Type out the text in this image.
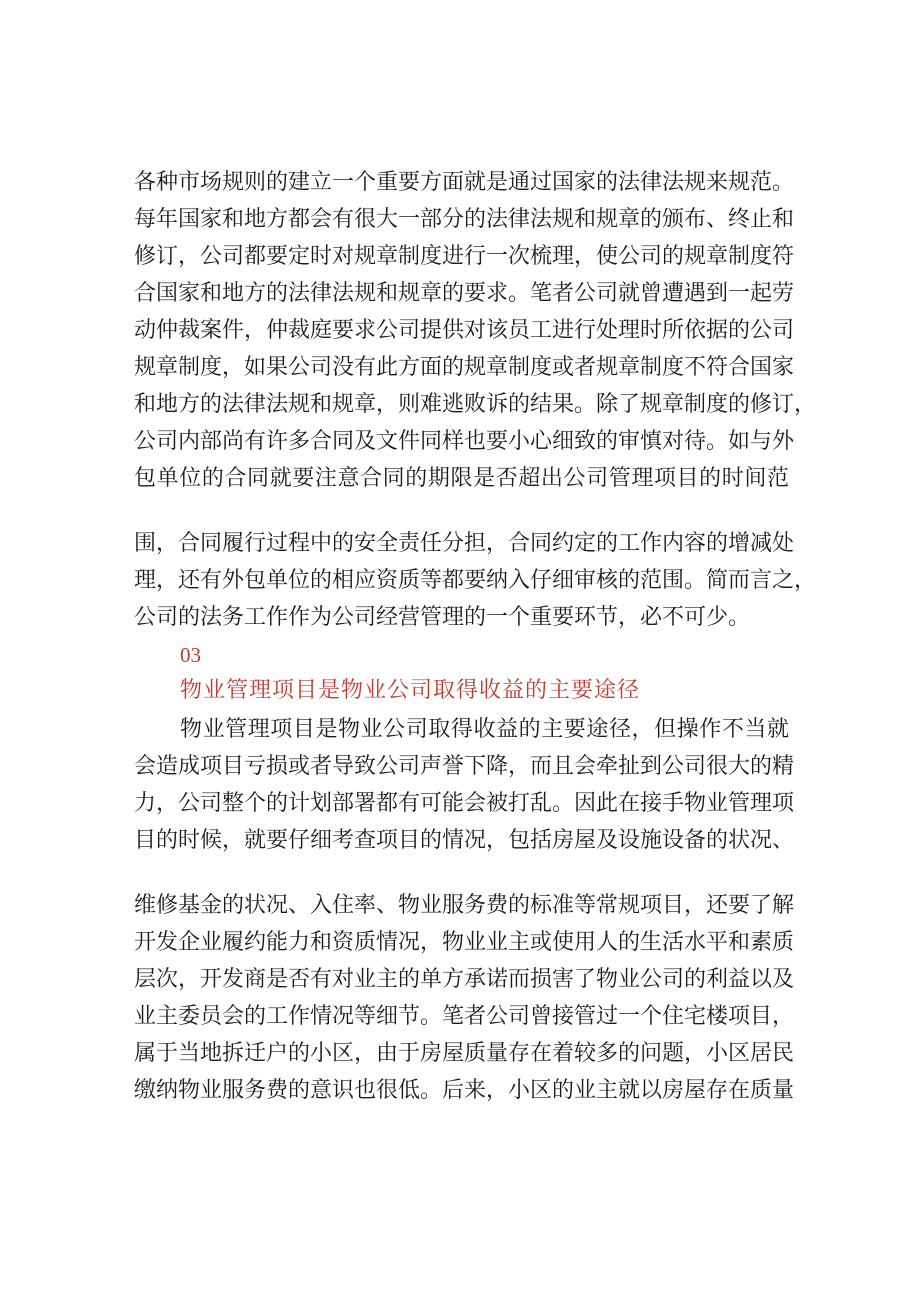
各种市场规则的建立一个重要方面就是通过国家的法律法规来规范。
每年国家和地方都会有很大一部分的法律法规和规章的颁布、终止和
修订，公司都要定时对规章制度进行一次梳理，使公司的规章制度符
合国家和地方的法律法规和规章的要求。笔者公司就曾遭遇到一起劳
动仲裁案件，仲裁庭要求公司提供对该员工进行处理时所依据的公司
规章制度，如果公司没有此方面的规章制度或者规章制度不符合国家
和地方的法律法规和规章，则难逃败诉的结果。除了规章制度的修订，
公司内部尚有许多合同及文件同样也要小心细致的审慎对待。如与外
包单位的合同就要注意合同的期限是否超出公司管理项目的时间范
围，合同履行过程中的安全责任分担，合同约定的工作内容的增减处
理，还有外包单位的相应资质等都要纳入仔细审核的范围。简而言之，
公司的法务工作作为公司经营管理的一个重要环节，必不可少。
03
物业管理项目是物业公司取得收益的主要途径
物业管理项目是物业公司取得收益的主要途径，但操作不当就
会造成项目亏损或者导致公司声誉下降，而且会牵扯到公司很大的精
力，公司整个的计划部署都有可能会被打乱。因此在接手物业管理项
目的时候，就要仔细考查项目的情况，包括房屋及设施设备的状况、
维修基金的状况、入住率、物业服务费的标准等常规项目，还要了解
开发企业履约能力和资质情况，物业业主或使用人的生活水平和素质
层次，开发商是否有对业主的单方承诺而损害了物业公司的利益以及
业主委员会的工作情况等细节。笔者公司曾接管过一个住宅楼项目，
属于当地拆迁户的小区，由于房屋质量存在着较多的问题，小区居民
缴纳物业服务费的意识也很低。后来，小区的业主就以房屋存在质量
